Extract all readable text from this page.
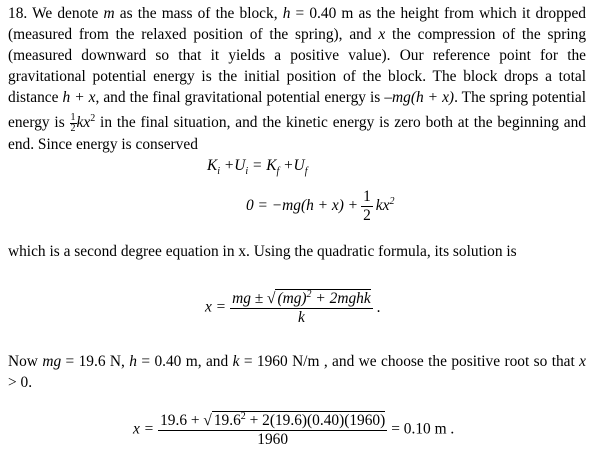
18. We denote m as the mass of the block, h = 0.40 m as the height from which it dropped (measured from the relaxed position of the spring), and x the compression of the spring (measured downward so that it yields a positive value). Our reference point for the gravitational potential energy is the initial position of the block. The block drops a total distance h + x, and the final gravitational potential energy is –mg(h + x). The spring potential energy is $\frac{1}{2} kx^2$ in the final situation, and the kinetic energy is zero both at the beginning and end. Since energy is conserved
$K_i +U_i = K_f +U_f$
$0 = -mg(h + x) + \frac{1}{2} kx^2$
which is a second degree equation in x. Using the quadratic formula, its solution is
$x = \frac{mg \pm √ (mg)^2 + 2mghk}{k}$ .
Now mg = 19.6 N, h = 0.40 m, and k = 1960 N/m , and we choose the positive root so that x > 0.
$x = \frac{19.6 + √ 19.6^2 + 2(19.6)(0.40)(1960)}{1960} = 0.10$ m .
